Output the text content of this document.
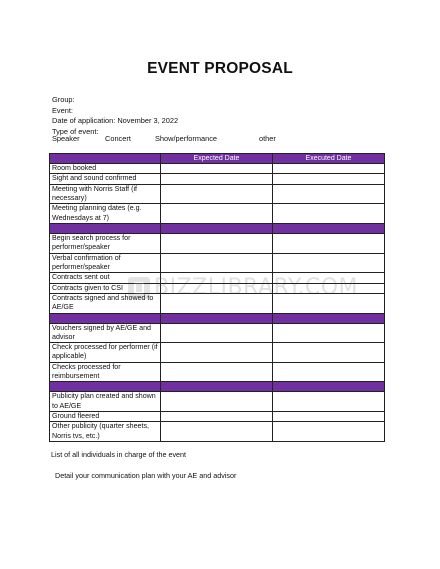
EVENT PROPOSAL
Group:
Event:
Date of application: November 3, 2022
Type of event:
Speaker	Concert	Show/performance	other
	Expected Date	Executed Date
Room booked		
Sight and sound confirmed		
Meeting with Norris Staff (if necessary)		
Meeting planning dates (e.g. Wednesdays at 7)		

Begin search process for performer/speaker		
Verbal confirmation of performer/speaker		
Contracts sent out		
Contracts given to CSI		
Contracts signed and showed to AE/GE		

Vouchers signed by AE/GE and advisor		
Check processed for performer (if applicable)		
Checks processed for reimbursement		

Publicity plan created and shown to AE/GE		
Ground fleered		
Other publicity (quarter sheets, Norris tvs, etc.)		
BIZZLIBRARY.COM
List of all individuals in charge of the event
Detail your communication plan with your AE and advisor
